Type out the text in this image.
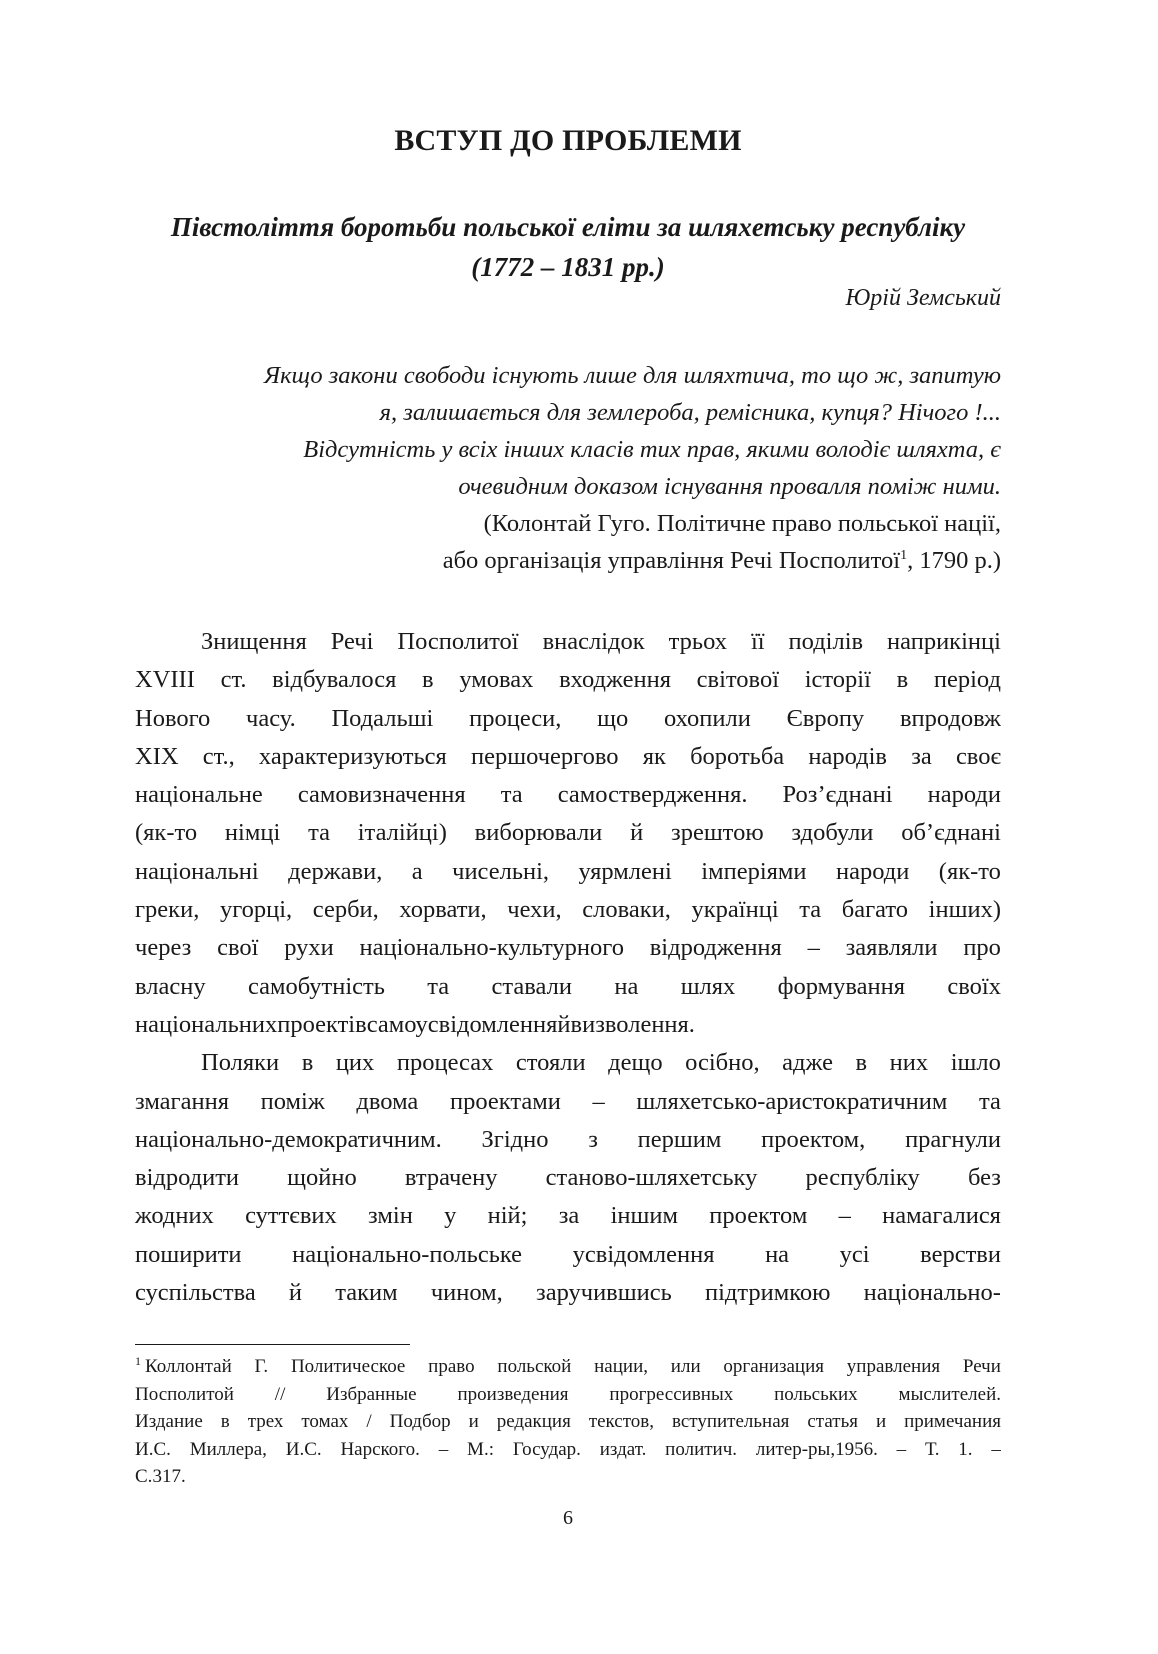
ВСТУП ДО ПРОБЛЕМИ
Півстоліття боротьби польської еліти за шляхетську республіку
(1772 – 1831 рр.)
Юрій Земський
Якщо закони свободи існують лише для шляхтича, то що ж, запитую
я, залишається для землероба, ремісника, купця? Нічого !...
Відсутність у всіх інших класів тих прав, якими володіє шляхта, є
очевидним доказом існування провалля поміж ними.
(Колонтай Гуго. Політичне право польської нації,
або організація управління Речі Посполитої$^1$, 1790 р.)
Знищення Речі Посполитої внаслідок трьох її поділів наприкінці
XVIII ст. відбувалося в умовах входження світової історії в період
Нового часу. Подальші процеси, що охопили Європу впродовж
XIX ст., характеризуються першочергово як боротьба народів за своє
національне самовизначення та самоствердження. Роз’єднані народи
(як-то німці та італійці) виборювали й зрештою здобули об’єднані
національні держави, а чисельні, уярмлені імперіями народи (як-то
греки, угорці, серби, хорвати, чехи, словаки, українці та багато інших)
через свої рухи національно-культурного відродження – заявляли про
власну самобутність та ставали на шлях формування своїх
національних проектів самоусвідомлення й визволення.
Поляки в цих процесах стояли дещо осібно, адже в них ішло
змагання поміж двома проектами – шляхетсько-аристократичним та
національно-демократичним. Згідно з першим проектом, прагнули
відродити щойно втрачену станово-шляхетську республіку без
жодних суттєвих змін у ній; за іншим проектом – намагалися
поширити національно-польське усвідомлення на усі верстви
суспільства й таким чином, заручившись підтримкою національно-
$^1$ Коллонтай Г. Политическое право польской нации, или организация управления Речи
Посполитой // Избранные произведения прогрессивных польських мыслителей.
Издание в трех томах / Подбор и редакция текстов, вступительная статья и примечания
И.С. Миллера, И.С. Нарского. – М.: Государ. издат. политич. литер-ры,1956. – Т. 1. –
С. 317.
6
